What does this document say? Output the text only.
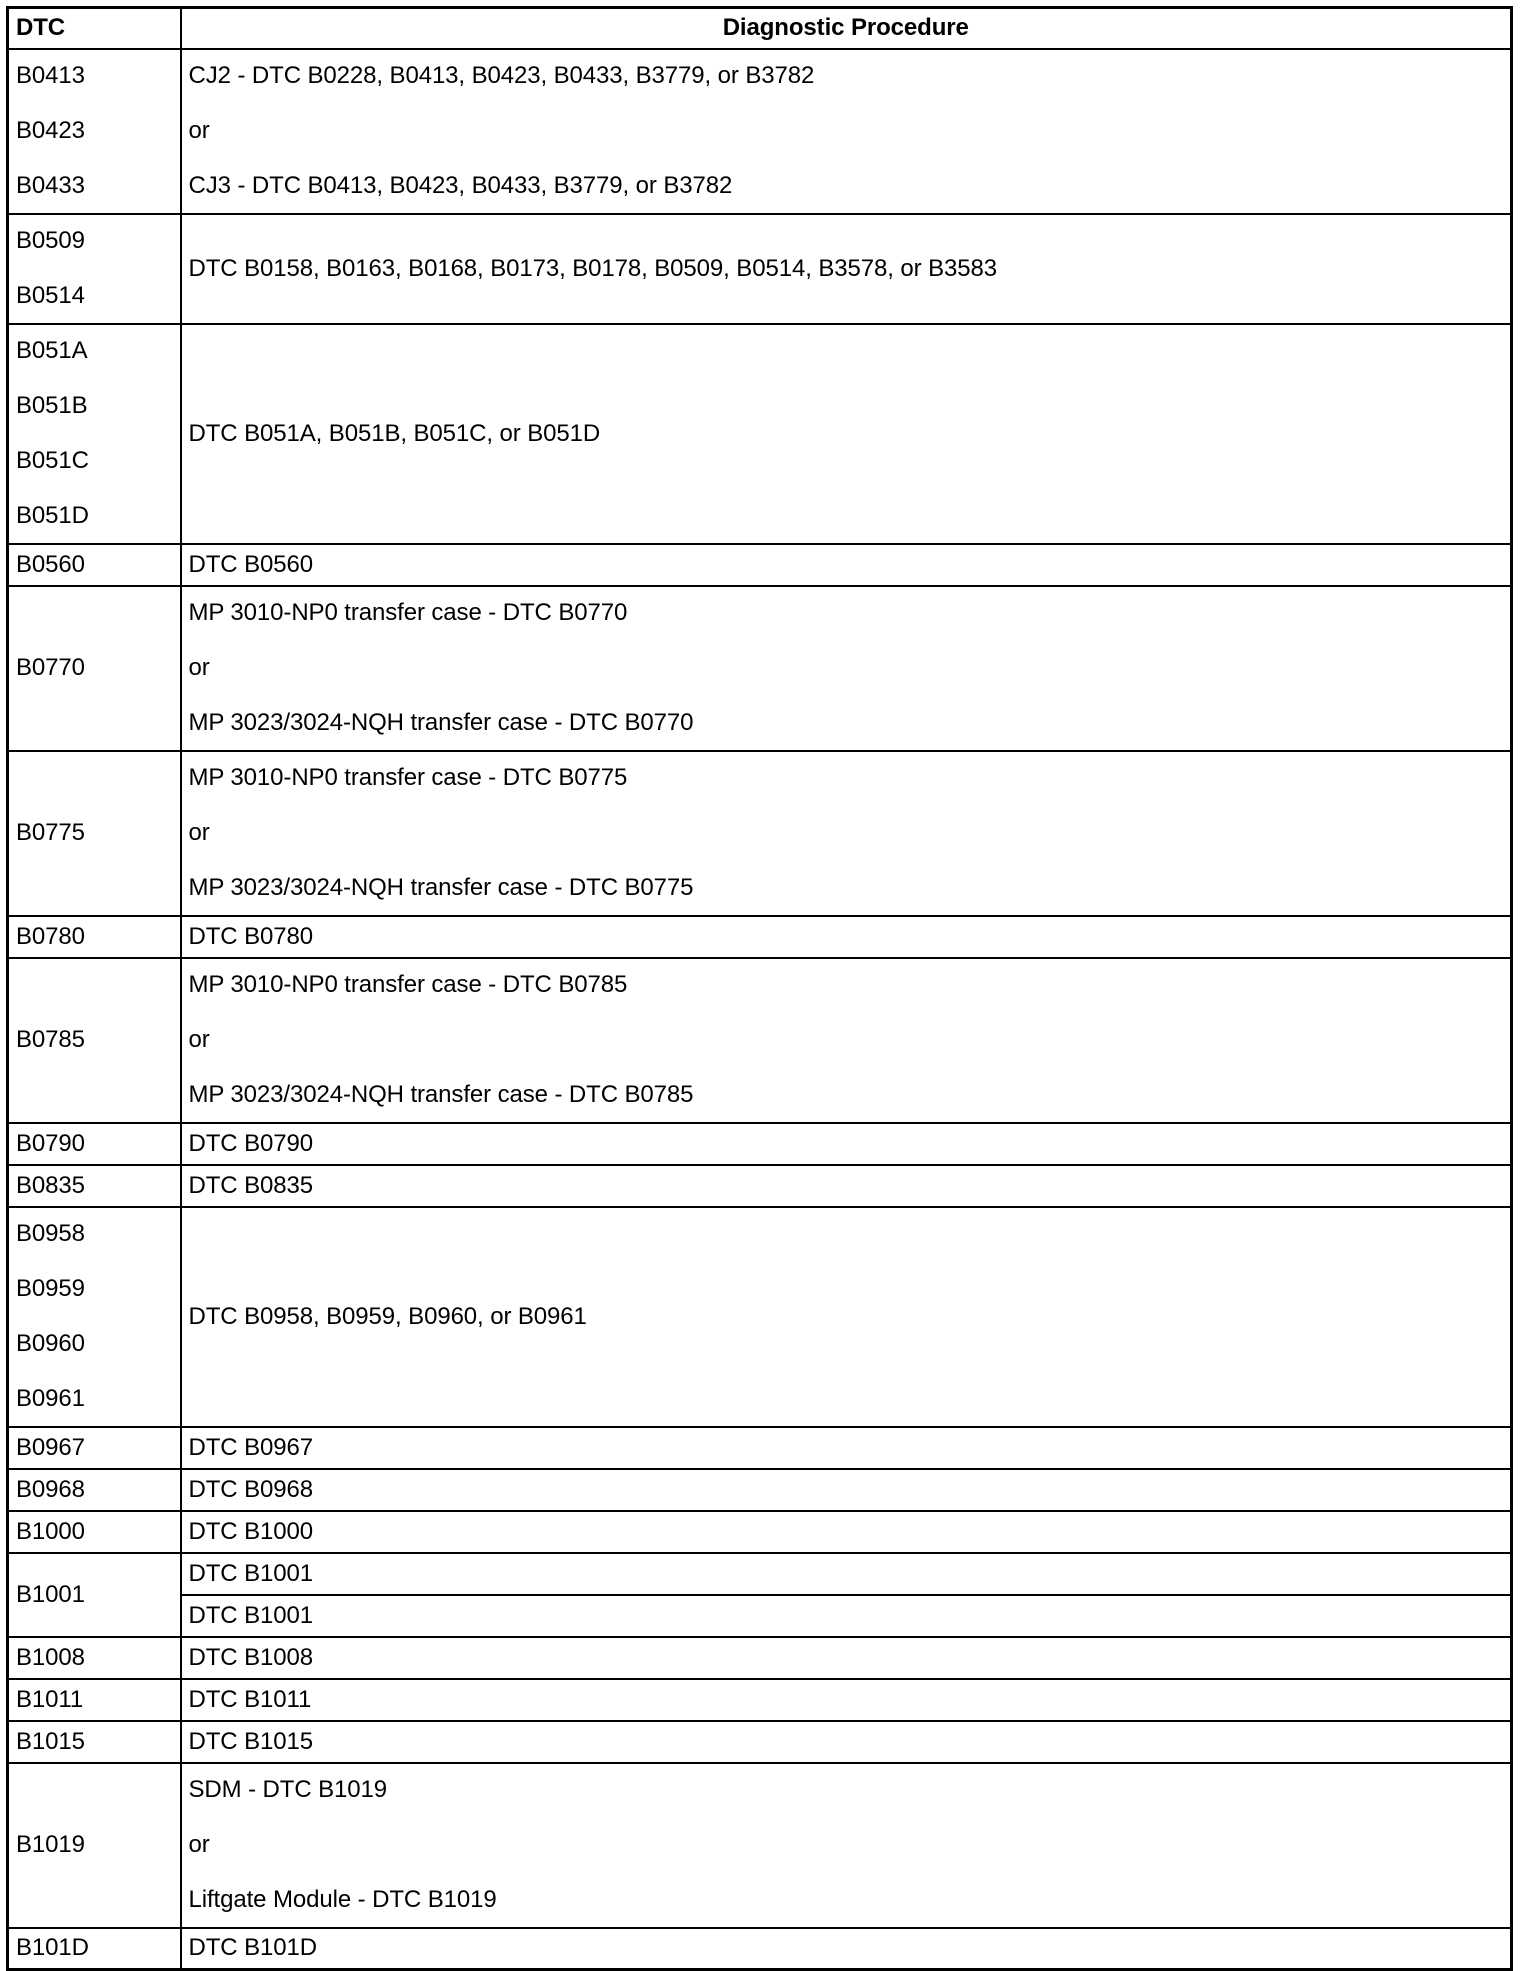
DTC	Diagnostic Procedure

B0413
B0423
B0433	CJ2 - DTC B0228, B0413, B0423, B0433, B3779, or B3782
or
CJ3 - DTC B0413, B0423, B0433, B3779, or B3782

B0509
B0514	DTC B0158, B0163, B0168, B0173, B0178, B0509, B0514, B3578, or B3583

B051A
B051B
B051C
B051D	DTC B051A, B051B, B051C, or B051D

B0560	DTC B0560

B0770	MP 3010-NP0 transfer case - DTC B0770
or
MP 3023/3024-NQH transfer case - DTC B0770

B0775	MP 3010-NP0 transfer case - DTC B0775
or
MP 3023/3024-NQH transfer case - DTC B0775

B0780	DTC B0780

B0785	MP 3010-NP0 transfer case - DTC B0785
or
MP 3023/3024-NQH transfer case - DTC B0785

B0790	DTC B0790

B0835	DTC B0835

B0958
B0959
B0960
B0961	DTC B0958, B0959, B0960, or B0961

B0967	DTC B0967

B0968	DTC B0968

B1000	DTC B1000

B1001	DTC B1001

	DTC B1001

B1008	DTC B1008

B1011	DTC B1011

B1015	DTC B1015

B1019	SDM - DTC B1019
or
Liftgate Module - DTC B1019

B101D	DTC B101D
